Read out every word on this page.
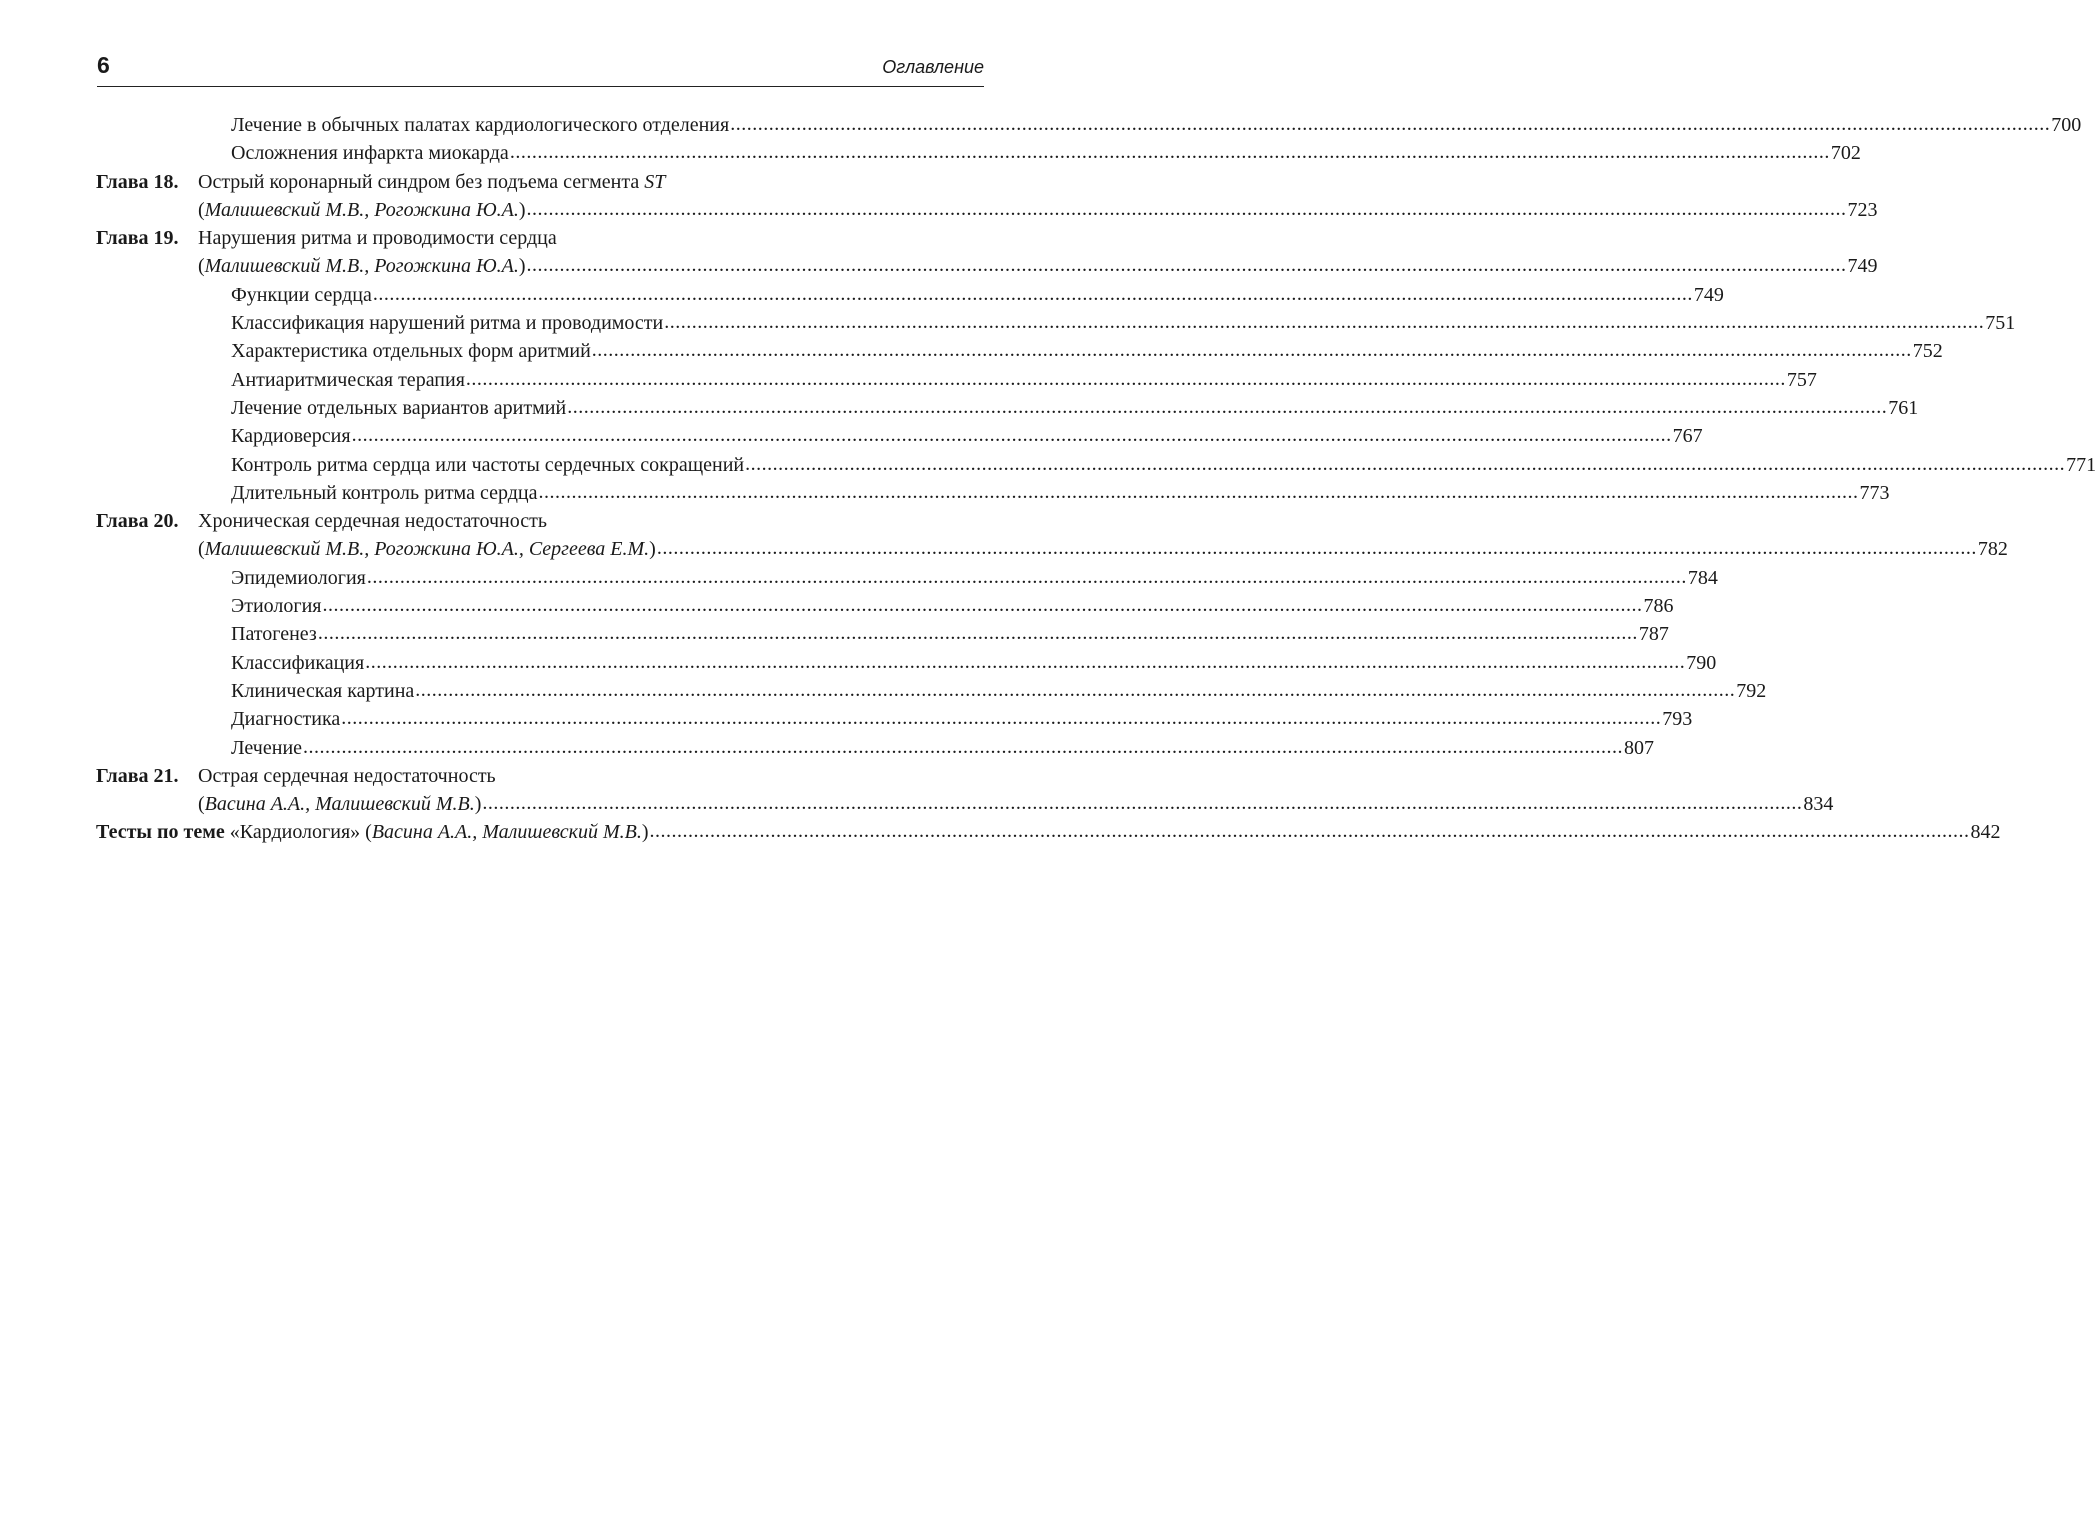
6	Оглавление
Лечение в обычных палатах кардиологического отделения .....	700
Осложнения инфаркта миокарда .....	702
Глава 18. Острый коронарный синдром без подъема сегмента ST
(Малишевский М.В., Рогожкина Ю.А.) .....	723
Глава 19. Нарушения ритма и проводимости сердца
(Малишевский М.В., Рогожкина Ю.А.) .....	749
Функции сердца .....	749
Классификация нарушений ритма и проводимости .....	751
Характеристика отдельных форм аритмий .....	752
Антиаритмическая терапия .....	757
Лечение отдельных вариантов аритмий .....	761
Кардиоверсия .....	767
Контроль ритма сердца или частоты сердечных сокращений .....	771
Длительный контроль ритма сердца .....	773
Глава 20. Хроническая сердечная недостаточность
(Малишевский М.В., Рогожкина Ю.А., Сергеева Е.М.) .....	782
Эпидемиология .....	784
Этиология .....	786
Патогенез .....	787
Классификация .....	790
Клиническая картина .....	792
Диагностика .....	793
Лечение .....	807
Глава 21. Острая сердечная недостаточность
(Васина А.А., Малишевский М.В.) .....	834
Тесты по теме «Кардиология» (Васина А.А., Малишевский М.В.) .....	842
